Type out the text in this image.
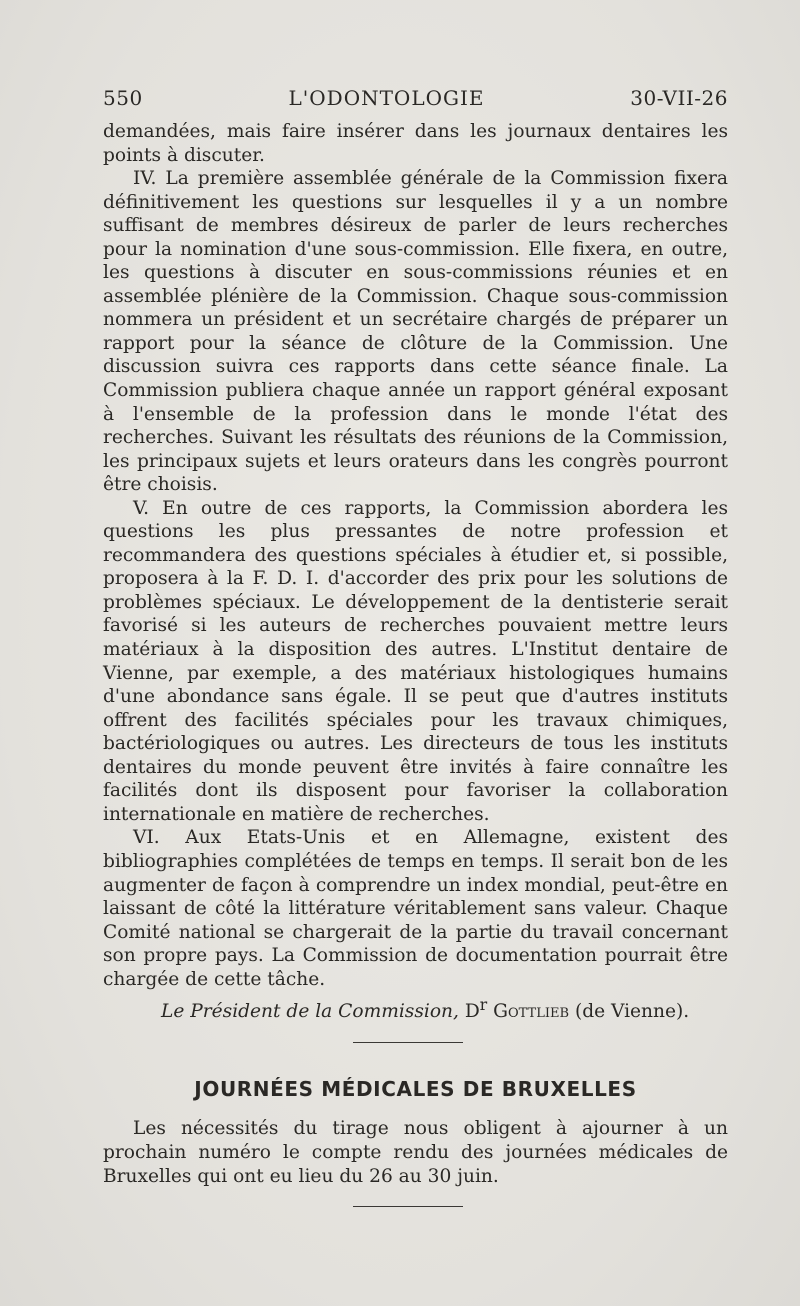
550	L'ODONTOLOGIE	30-VII-26

demandées, mais faire insérer dans les journaux dentaires les points à discuter.

IV. La première assemblée générale de la Commission fixera définitivement les questions sur lesquelles il y a un nombre suffisant de membres désireux de parler de leurs recherches pour la nomination d'une sous-commission. Elle fixera, en outre, les questions à discuter en sous-commissions réunies et en assemblée plénière de la Commission. Chaque sous-commission nommera un président et un secrétaire chargés de préparer un rapport pour la séance de clôture de la Commission. Une discussion suivra ces rapports dans cette séance finale. La Commission publiera chaque année un rapport général exposant à l'ensemble de la profession dans le monde l'état des recherches. Suivant les résultats des réunions de la Commission, les principaux sujets et leurs orateurs dans les congrès pourront être choisis.

V. En outre de ces rapports, la Commission abordera les questions les plus pressantes de notre profession et recommandera des questions spéciales à étudier et, si possible, proposera à la F. D. I. d'accorder des prix pour les solutions de problèmes spéciaux. Le développement de la dentisterie serait favorisé si les auteurs de recherches pouvaient mettre leurs matériaux à la disposition des autres. L'Institut dentaire de Vienne, par exemple, a des matériaux histologiques humains d'une abondance sans égale. Il se peut que d'autres instituts offrent des facilités spéciales pour les travaux chimiques, bactériologiques ou autres. Les directeurs de tous les instituts dentaires du monde peuvent être invités à faire connaître les facilités dont ils disposent pour favoriser la collaboration internationale en matière de recherches.

VI. Aux Etats-Unis et en Allemagne, existent des bibliographies complétées de temps en temps. Il serait bon de les augmenter de façon à comprendre un index mondial, peut-être en laissant de côté la littérature véritablement sans valeur. Chaque Comité national se chargerait de la partie du travail concernant son propre pays. La Commission de documentation pourrait être chargée de cette tâche.

Le Président de la Commission, $D^r$ Gottlieb (de Vienne).
JOURNÉES MÉDICALES DE BRUXELLES

Les nécessités du tirage nous obligent à ajourner à un prochain numéro le compte rendu des journées médicales de Bruxelles qui ont eu lieu du 26 au 30 juin.
